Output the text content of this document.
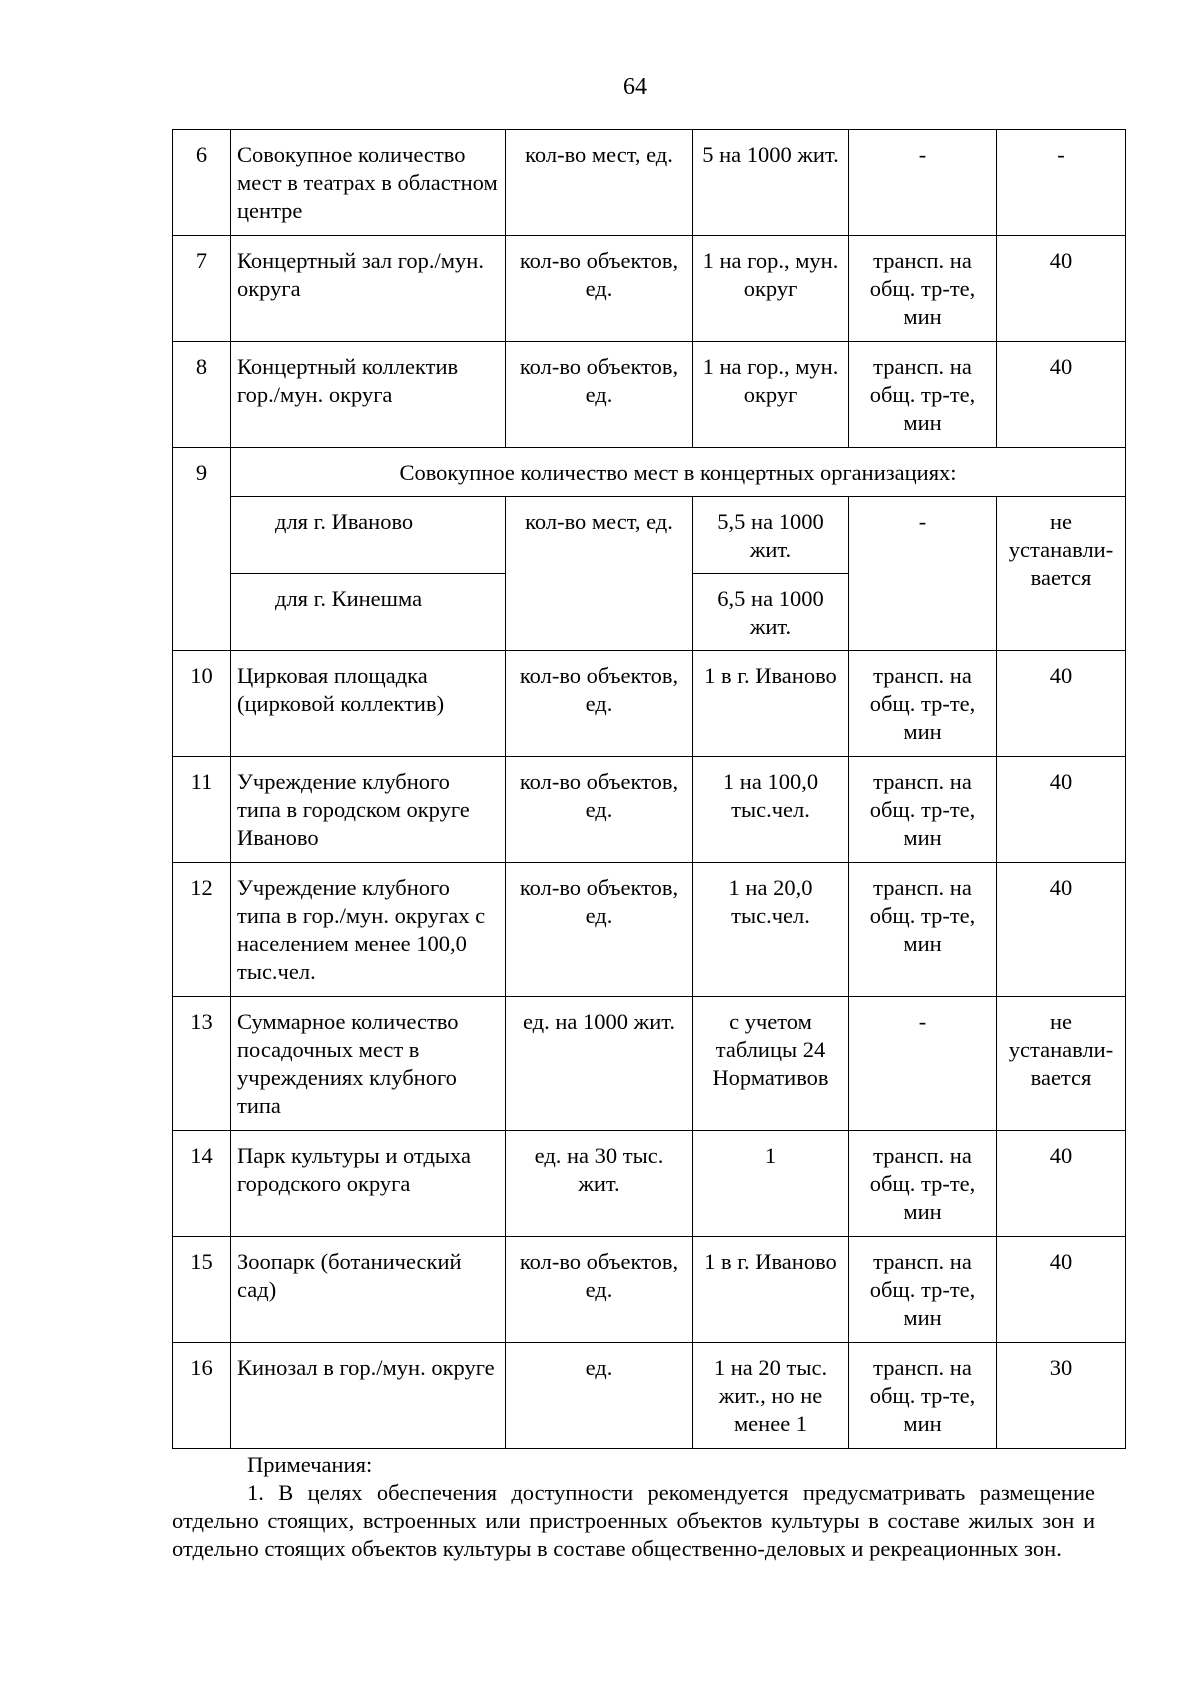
64
6	Совокупное количество мест в театрах в областном центре	кол-во мест, ед.	5 на 1000 жит.	-	-
7	Концертный зал гор./мун. округа	кол-во объектов, ед.	1 на гор., мун. округ	трансп. на общ. тр-те, мин	40
8	Концертный коллектив гор./мун. округа	кол-во объектов, ед.	1 на гор., мун. округ	трансп. на общ. тр-те, мин	40
9	Совокупное количество мест в концертных организациях:				
	для г. Иваново	кол-во мест, ед.	5,5 на 1000 жит.	-	не устанавли-вается
	для г. Кинешма		6,5 на 1000 жит.		
10	Цирковая площадка (цирковой коллектив)	кол-во объектов, ед.	1 в г. Иваново	трансп. на общ. тр-те, мин	40
11	Учреждение клубного типа в городском округе Иваново	кол-во объектов, ед.	1 на 100,0 тыс.чел.	трансп. на общ. тр-те, мин	40
12	Учреждение клубного типа в гор./мун. округах с населением менее 100,0 тыс.чел.	кол-во объектов, ед.	1 на 20,0 тыс.чел.	трансп. на общ. тр-те, мин	40
13	Суммарное количество посадочных мест в учреждениях клубного типа	ед. на 1000 жит.	с учетом таблицы 24 Нормативов	-	не устанавли-вается
14	Парк культуры и отдыха городского округа	ед. на 30 тыс. жит.	1	трансп. на общ. тр-те, мин	40
15	Зоопарк (ботанический сад)	кол-во объектов, ед.	1 в г. Иваново	трансп. на общ. тр-те, мин	40
16	Кинозал в гор./мун. округе	ед.	1 на 20 тыс. жит., но не менее 1	трансп. на общ. тр-те, мин	30
Примечания:
1. В целях обеспечения доступности рекомендуется предусматривать размещение отдельно стоящих, встроенных или пристроенных объектов культуры в составе жилых зон и отдельно стоящих объектов культуры в составе общественно-деловых и рекреационных зон.
